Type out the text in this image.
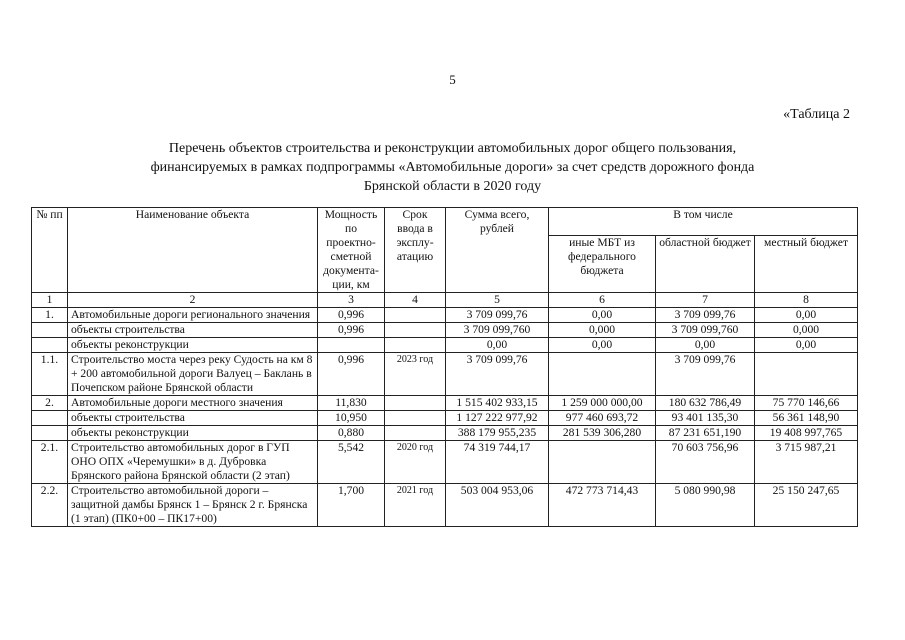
5
«Таблица 2
Перечень объектов строительства и реконструкции автомобильных дорог общего пользования,
финансируемых в рамках подпрограммы «Автомобильные дороги» за счет средств дорожного фонда
Брянской области в 2020 году
№ пп	Наименование объекта	Мощность по проектно-сметной документа-ции, км	Срок ввода в эксплу-атацию	Сумма всего, рублей	В том числе		
					иные МБТ из федерального бюджета	областной бюджет	местный бюджет
1	2	3	4	5	6	7	8
1.	Автомобильные дороги регионального значения	0,996		3 709 099,76	0,00	3 709 099,76	0,00
	объекты строительства	0,996		3 709 099,760	0,000	3 709 099,760	0,000
	объекты реконструкции			0,00	0,00	0,00	0,00
1.1.	Строительство моста через реку Судость на км 8 + 200 автомобильной дороги Валуец – Баклань в Почепском районе Брянской области	0,996	2023 год	3 709 099,76		3 709 099,76	
2.	Автомобильные дороги местного значения	11,830		1 515 402 933,15	1 259 000 000,00	180 632 786,49	75 770 146,66
	объекты строительства	10,950		1 127 222 977,92	977 460 693,72	93 401 135,30	56 361 148,90
	объекты реконструкции	0,880		388 179 955,235	281 539 306,280	87 231 651,190	19 408 997,765
2.1.	Строительство автомобильных дорог в ГУП ОНО ОПХ «Черемушки» в д. Дубровка Брянского района Брянской области (2 этап)	5,542	2020 год	74 319 744,17		70 603 756,96	3 715 987,21
2.2.	Строительство автомобильной дороги – защитной дамбы Брянск 1 – Брянск 2 г. Брянска (1 этап) (ПК0+00 – ПК17+00)	1,700	2021 год	503 004 953,06	472 773 714,43	5 080 990,98	25 150 247,65
